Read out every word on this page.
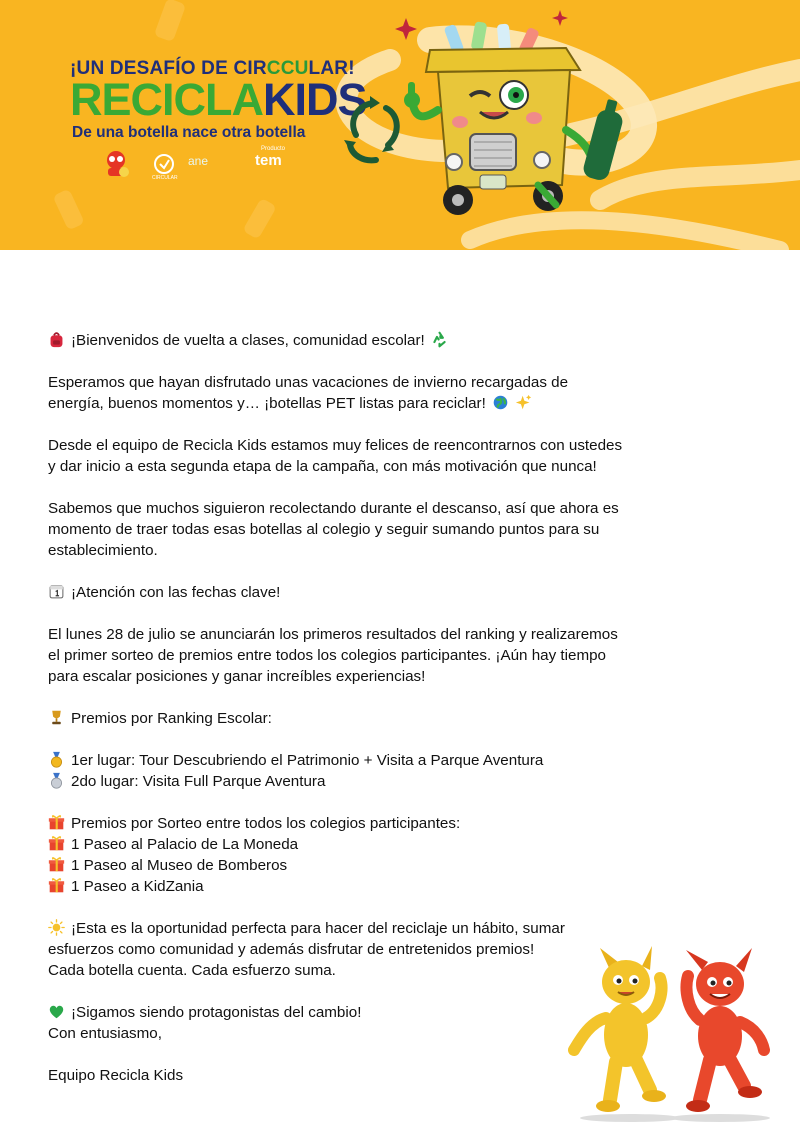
¡UN DESAFÍO DE CIRCCULAR!
RECICLAKIDS
De una botella nace otra botella
CIRCULAR
ane
Producto
tem

¡Bienvenidos de vuelta a clases, comunidad escolar!

Esperamos que hayan disfrutado unas vacaciones de invierno recargadas de
energía, buenos momentos y… ¡botellas PET listas para reciclar!

Desde el equipo de Recicla Kids estamos muy felices de reencontrarnos con ustedes
y dar inicio a esta segunda etapa de la campaña, con más motivación que nunca!

Sabemos que muchos siguieron recolectando durante el descanso, así que ahora es
momento de traer todas esas botellas al colegio y seguir sumando puntos para su
establecimiento.

¡Atención con las fechas clave!

El lunes 28 de julio se anunciarán los primeros resultados del ranking y realizaremos
el primer sorteo de premios entre todos los colegios participantes. ¡Aún hay tiempo
para escalar posiciones y ganar increíbles experiencias!

Premios por Ranking Escolar:

1er lugar: Tour Descubriendo el Patrimonio + Visita a Parque Aventura

2do lugar: Visita Full Parque Aventura

Premios por Sorteo entre todos los colegios participantes:

1 Paseo al Palacio de La Moneda

1 Paseo al Museo de Bomberos

1 Paseo a KidZania

¡Esta es la oportunidad perfecta para hacer del reciclaje un hábito, sumar
esfuerzos como comunidad y además disfrutar de entretenidos premios!
Cada botella cuenta. Cada esfuerzo suma.

¡Sigamos siendo protagonistas del cambio!

Con entusiasmo,

Equipo Recicla Kids
